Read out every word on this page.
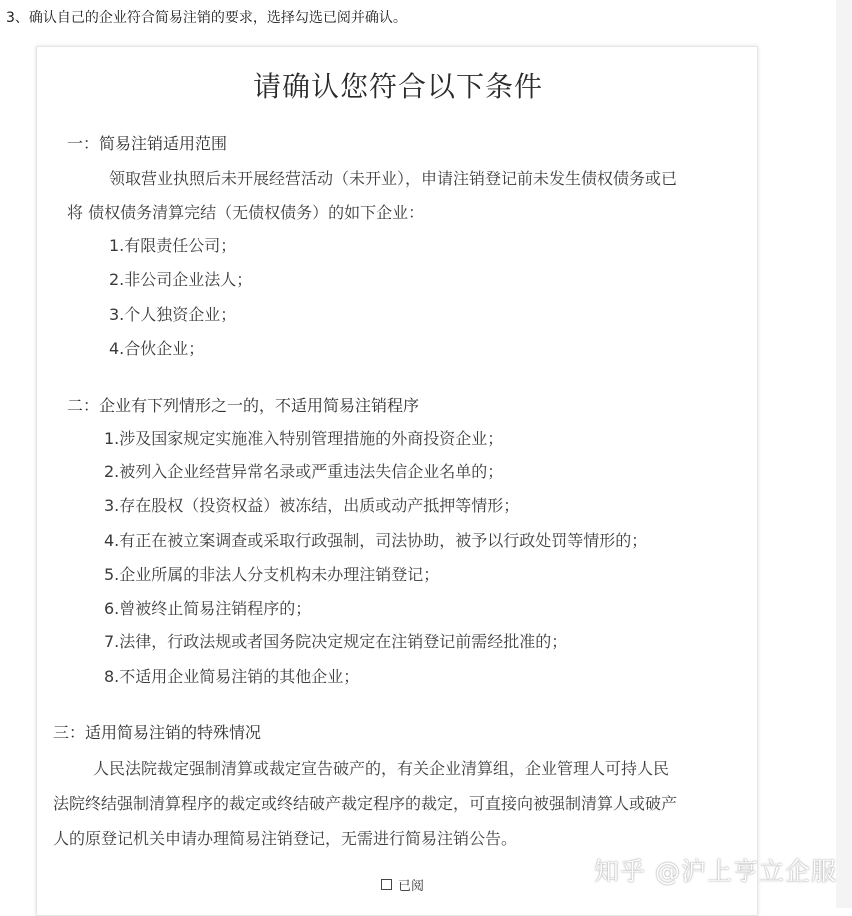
3、确认自己的企业符合简易注销的要求，选择勾选已阅并确认。
请确认您符合以下条件
一：简易注销适用范围
领取营业执照后未开展经营活动（未开业），申请注销登记前未发生债权债务或已
将 债权债务清算完结（无债权债务）的如下企业：
1.有限责任公司；
2.非公司企业法人；
3.个人独资企业；
4.合伙企业；
二：企业有下列情形之一的，不适用简易注销程序
1.涉及国家规定实施准入特别管理措施的外商投资企业；
2.被列入企业经营异常名录或严重违法失信企业名单的；
3.存在股权（投资权益）被冻结，出质或动产抵押等情形；
4.有正在被立案调查或采取行政强制，司法协助，被予以行政处罚等情形的；
5.企业所属的非法人分支机构未办理注销登记；
6.曾被终止简易注销程序的；
7.法律，行政法规或者国务院决定规定在注销登记前需经批准的；
8.不适用企业简易注销的其他企业；
三：适用简易注销的特殊情况
人民法院裁定强制清算或裁定宣告破产的，有关企业清算组，企业管理人可持人民
法院终结强制清算程序的裁定或终结破产裁定程序的裁定，可直接向被强制清算人或破产
人的原登记机关申请办理简易注销登记，无需进行简易注销公告。
已阅
知乎 @沪上亨立企服
